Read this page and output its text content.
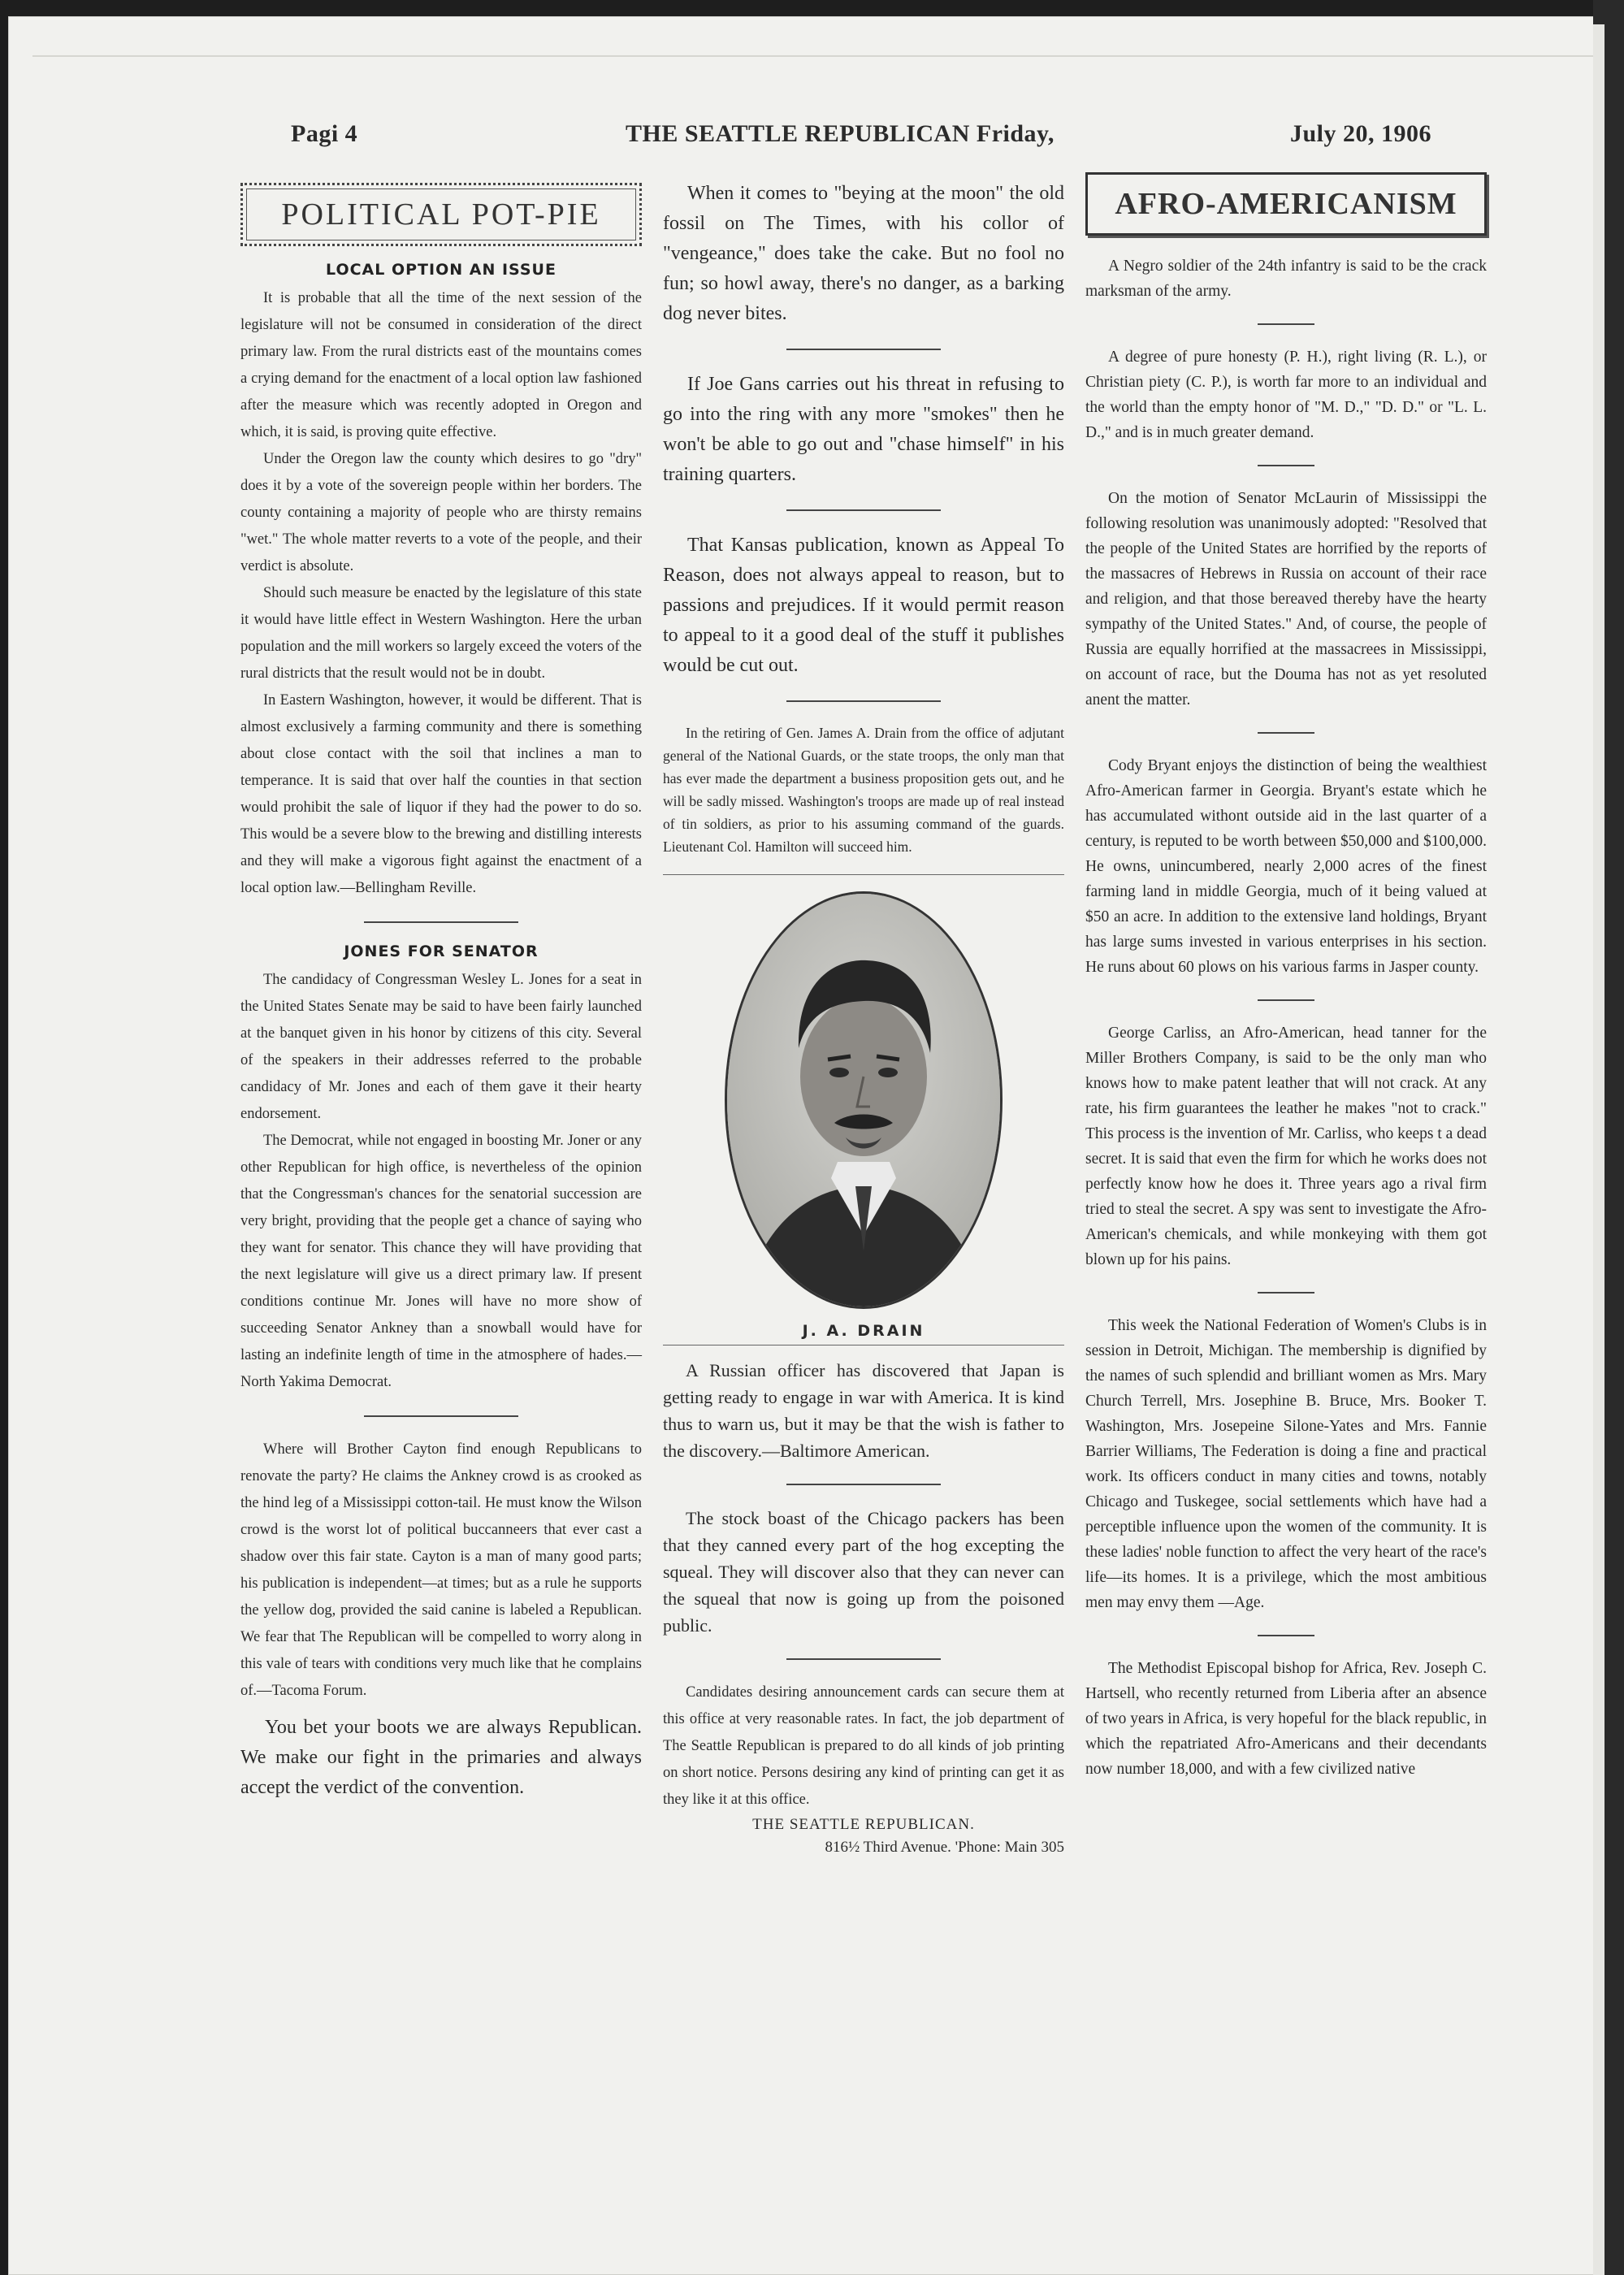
Pagi 4	THE SEATTLE REPUBLICAN Friday,	July 20, 1906
POLITICAL POT-PIE
LOCAL OPTION AN ISSUE

It is probable that all the time of the next session of the legislature will not be consumed in consideration of the direct primary law. From the rural districts east of the mountains comes a crying demand for the enactment of a local option law fashioned after the measure which was recently adopted in Oregon and which, it is said, is proving quite effective.

Under the Oregon law the county which desires to go "dry" does it by a vote of the sovereign people within her borders. The county containing a majority of people who are thirsty remains "wet." The whole matter reverts to a vote of the people, and their verdict is absolute.

Should such measure be enacted by the legislature of this state it would have little effect in Western Washington. Here the urban population and the mill workers so largely exceed the voters of the rural districts that the result would not be in doubt.

In Eastern Washington, however, it would be different. That is almost exclusively a farming community and there is something about close contact with the soil that inclines a man to temperance. It is said that over half the counties in that section would prohibit the sale of liquor if they had the power to do so. This would be a severe blow to the brewing and distilling interests and they will make a vigorous fight against the enactment of a local option law.—Bellingham Reville.

JONES FOR SENATOR

The candidacy of Congressman Wesley L. Jones for a seat in the United States Senate may be said to have been fairly launched at the banquet given in his honor by citizens of this city. Several of the speakers in their addresses referred to the probable candidacy of Mr. Jones and each of them gave it their hearty endorsement.

The Democrat, while not engaged in boosting Mr. Joner or any other Republican for high office, is nevertheless of the opinion that the Congressman's chances for the senatorial succession are very bright, providing that the people get a chance of saying who they want for senator. This chance they will have providing that the next legislature will give us a direct primary law. If present conditions continue Mr. Jones will have no more show of succeeding Senator Ankney than a snowball would have for lasting an indefinite length of time in the atmosphere of hades.—North Yakima Democrat.

Where will Brother Cayton find enough Republicans to renovate the party? He claims the Ankney crowd is as crooked as the hind leg of a Mississippi cotton-tail. He must know the Wilson crowd is the worst lot of political buccanneers that ever cast a shadow over this fair state. Cayton is a man of many good parts; his publication is independent—at times; but as a rule he supports the yellow dog, provided the said canine is labeled a Republican. We fear that The Republican will be compelled to worry along in this vale of tears with conditions very much like that he complains of.—Tacoma Forum.

You bet your boots we are always Republican. We make our fight in the primaries and always accept the verdict of the convention.

When it comes to "beying at the moon" the old fossil on The Times, with his collor of "vengeance," does take the cake. But no fool no fun; so howl away, there's no danger, as a barking dog never bites.

If Joe Gans carries out his threat in refusing to go into the ring with any more "smokes" then he won't be able to go out and "chase himself" in his training quarters.

That Kansas publication, known as Appeal To Reason, does not always appeal to reason, but to passions and prejudices. If it would permit reason to appeal to it a good deal of the stuff it publishes would be cut out.

In the retiring of Gen. James A. Drain from the office of adjutant general of the National Guards, or the state troops, the only man that has ever made the department a business proposition gets out, and he will be sadly missed. Washington's troops are made up of real instead of tin soldiers, as prior to his assuming command of the guards. Lieutenant Col. Hamilton will succeed him.

J. A. DRAIN

A Russian officer has discovered that Japan is getting ready to engage in war with America. It is kind thus to warn us, but it may be that the wish is father to the discovery.—Baltimore American.

The stock boast of the Chicago packers has been that they canned every part of the hog excepting the squeal. They will discover also that they can never can the squeal that now is going up from the poisoned public.

Candidates desiring announcement cards can secure them at this office at very reasonable rates. In fact, the job department of The Seattle Republican is prepared to do all kinds of job printing on short notice. Persons desiring any kind of printing can get it as they like it at this office.

THE SEATTLE REPUBLICAN.
816½ Third Avenue. 'Phone: Main 305
AFRO-AMERICANISM

A Negro soldier of the 24th infantry is said to be the crack marksman of the army.

A degree of pure honesty (P. H.), right living (R. L.), or Christian piety (C. P.), is worth far more to an individual and the world than the empty honor of "M. D.," "D. D." or "L. L. D.," and is in much greater demand.

On the motion of Senator McLaurin of Mississippi the following resolution was unanimously adopted: "Resolved that the people of the United States are horrified by the reports of the massacres of Hebrews in Russia on account of their race and religion, and that those bereaved thereby have the hearty sympathy of the United States." And, of course, the people of Russia are equally horrified at the massacrees in Mississippi, on account of race, but the Douma has not as yet resoluted anent the matter.

Cody Bryant enjoys the distinction of being the wealthiest Afro-American farmer in Georgia. Bryant's estate which he has accumulated withont outside aid in the last quarter of a century, is reputed to be worth between $50,000 and $100,000. He owns, unincumbered, nearly 2,000 acres of the finest farming land in middle Georgia, much of it being valued at $50 an acre. In addition to the extensive land holdings, Bryant has large sums invested in various enterprises in his section. He runs about 60 plows on his various farms in Jasper county.

George Carliss, an Afro-American, head tanner for the Miller Brothers Company, is said to be the only man who knows how to make patent leather that will not crack. At any rate, his firm guarantees the leather he makes "not to crack." This process is the invention of Mr. Carliss, who keeps t a dead secret. It is said that even the firm for which he works does not perfectly know how he does it. Three years ago a rival firm tried to steal the secret. A spy was sent to investigate the Afro-American's chemicals, and while monkeying with them got blown up for his pains.

This week the National Federation of Women's Clubs is in session in Detroit, Michigan. The membership is dignified by the names of such splendid and brilliant women as Mrs. Mary Church Terrell, Mrs. Josephine B. Bruce, Mrs. Booker T. Washington, Mrs. Josepeine Silone-Yates and Mrs. Fannie Barrier Williams, The Federation is doing a fine and practical work. Its officers conduct in many cities and towns, notably Chicago and Tuskegee, social settlements which have had a perceptible influence upon the women of the community. It is these ladies' noble function to affect the very heart of the race's life—its homes. It is a privilege, which the most ambitious men may envy them —Age.

The Methodist Episcopal bishop for Africa, Rev. Joseph C. Hartsell, who recently returned from Liberia after an absence of two years in Africa, is very hopeful for the black republic, in which the repatriated Afro-Americans and their decendants now number 18,000, and with a few civilized native
